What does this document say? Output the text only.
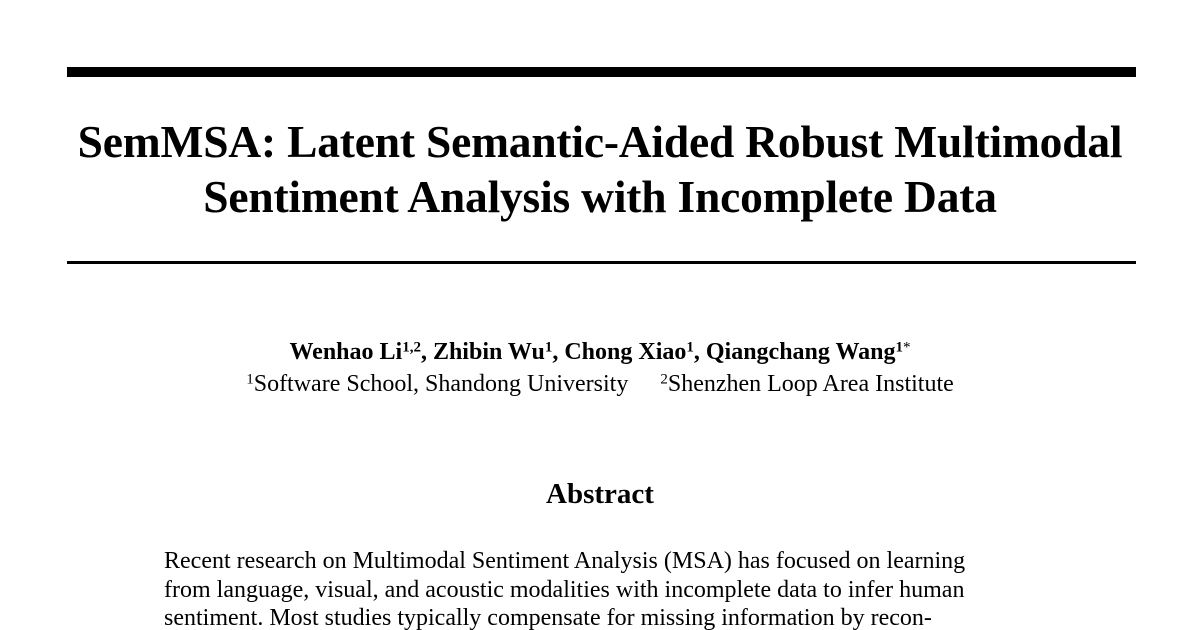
SemMSA: Latent Semantic-Aided Robust Multimodal
Sentiment Analysis with Incomplete Data
Wenhao Li$^{1,2}$, Zhibin Wu$^1$, Chong Xiao$^1$, Qiangchang Wang$^{1*}$
$^1$Software School, Shandong University $^2$Shenzhen Loop Area Institute
Abstract
Recent research on Multimodal Sentiment Analysis (MSA) has focused on learning
from language, visual, and acoustic modalities with incomplete data to infer human
sentiment. Most studies typically compensate for missing information by recon-
